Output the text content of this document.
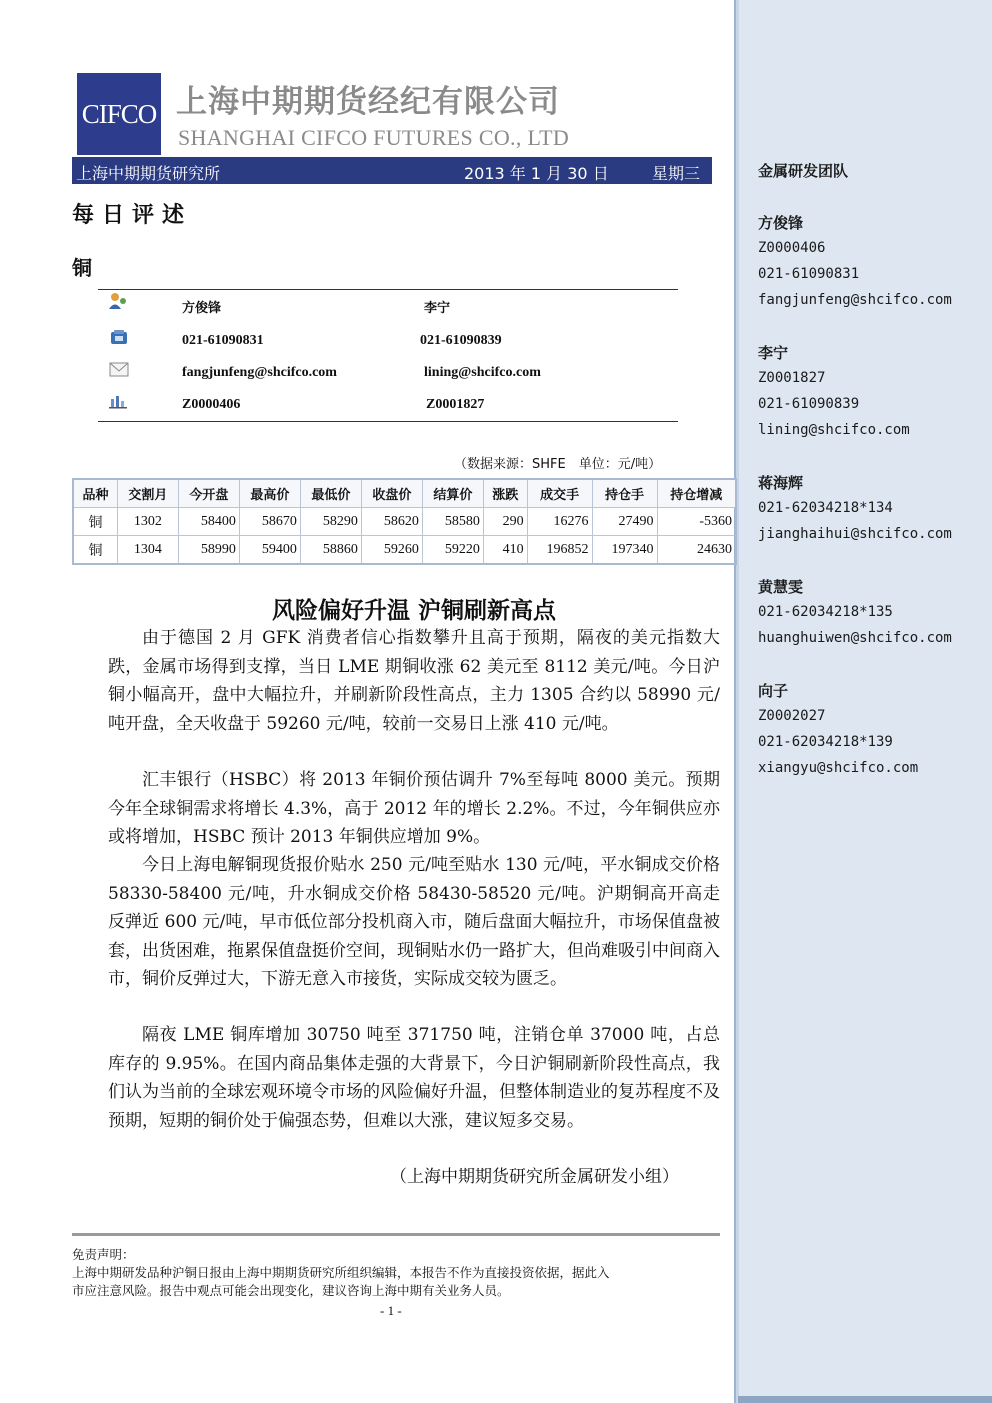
金属研发团队
方俊锋
Z0000406
021-61090831
fangjunfeng@shcifco.com
李宁
Z0001827
021-61090839
lining@shcifco.com
蒋海辉
021-62034218*134
jianghaihui@shcifco.com
黄慧雯
021-62034218*135
huanghuiwen@shcifco.com
向子
Z0002027
021-62034218*139
xiangyu@shcifco.com
CIFCO 上海中期期货经纪有限公司
SHANGHAI CIFCO FUTURES CO., LTD
上海中期期货研究所	2013 年 1 月 30 日	星期三
每日评述
铜
方俊锋	李宁
021-61090831	021-61090839
fangjunfeng@shcifco.com	lining@shcifco.com
Z0000406	Z0001827
（数据来源：SHFE　单位：元/吨）
品种	交割月	今开盘	最高价	最低价	收盘价	结算价	涨跌	成交手	持仓手	持仓增减
铜	1302	58400	58670	58290	58620	58580	290	16276	27490	-5360
铜	1304	58990	59400	58860	59260	59220	410	196852	197340	24630
风险偏好升温 沪铜刷新高点
由于德国 2 月 GFK 消费者信心指数攀升且高于预期，隔夜的美元指数大跌，金属市场得到支撑，当日 LME 期铜收涨 62 美元至 8112 美元/吨。今日沪铜小幅高开，盘中大幅拉升，并刷新阶段性高点，主力 1305 合约以 58990 元/吨开盘，全天收盘于 59260 元/吨，较前一交易日上涨 410 元/吨。
汇丰银行（HSBC）将 2013 年铜价预估调升 7%至每吨 8000 美元。预期今年全球铜需求将增长 4.3%，高于 2012 年的增长 2.2%。不过，今年铜供应亦或将增加，HSBC 预计 2013 年铜供应增加 9%。
今日上海电解铜现货报价贴水 250 元/吨至贴水 130 元/吨，平水铜成交价格 58330-58400 元/吨，升水铜成交价格 58430-58520 元/吨。沪期铜高开高走反弹近 600 元/吨，早市低位部分投机商入市，随后盘面大幅拉升，市场保值盘被套，出货困难，拖累保值盘挺价空间，现铜贴水仍一路扩大，但尚难吸引中间商入市，铜价反弹过大，下游无意入市接货，实际成交较为匮乏。
隔夜 LME 铜库增加 30750 吨至 371750 吨，注销仓单 37000 吨，占总库存的 9.95%。在国内商品集体走强的大背景下，今日沪铜刷新阶段性高点，我们认为当前的全球宏观环境令市场的风险偏好升温，但整体制造业的复苏程度不及预期，短期的铜价处于偏强态势，但难以大涨，建议短多交易。
（上海中期期货研究所金属研发小组）
免责声明：
上海中期研发品种沪铜日报由上海中期期货研究所组织编辑，本报告不作为直接投资依据，据此入
市应注意风险。报告中观点可能会出现变化，建议咨询上海中期有关业务人员。
- 1 -
